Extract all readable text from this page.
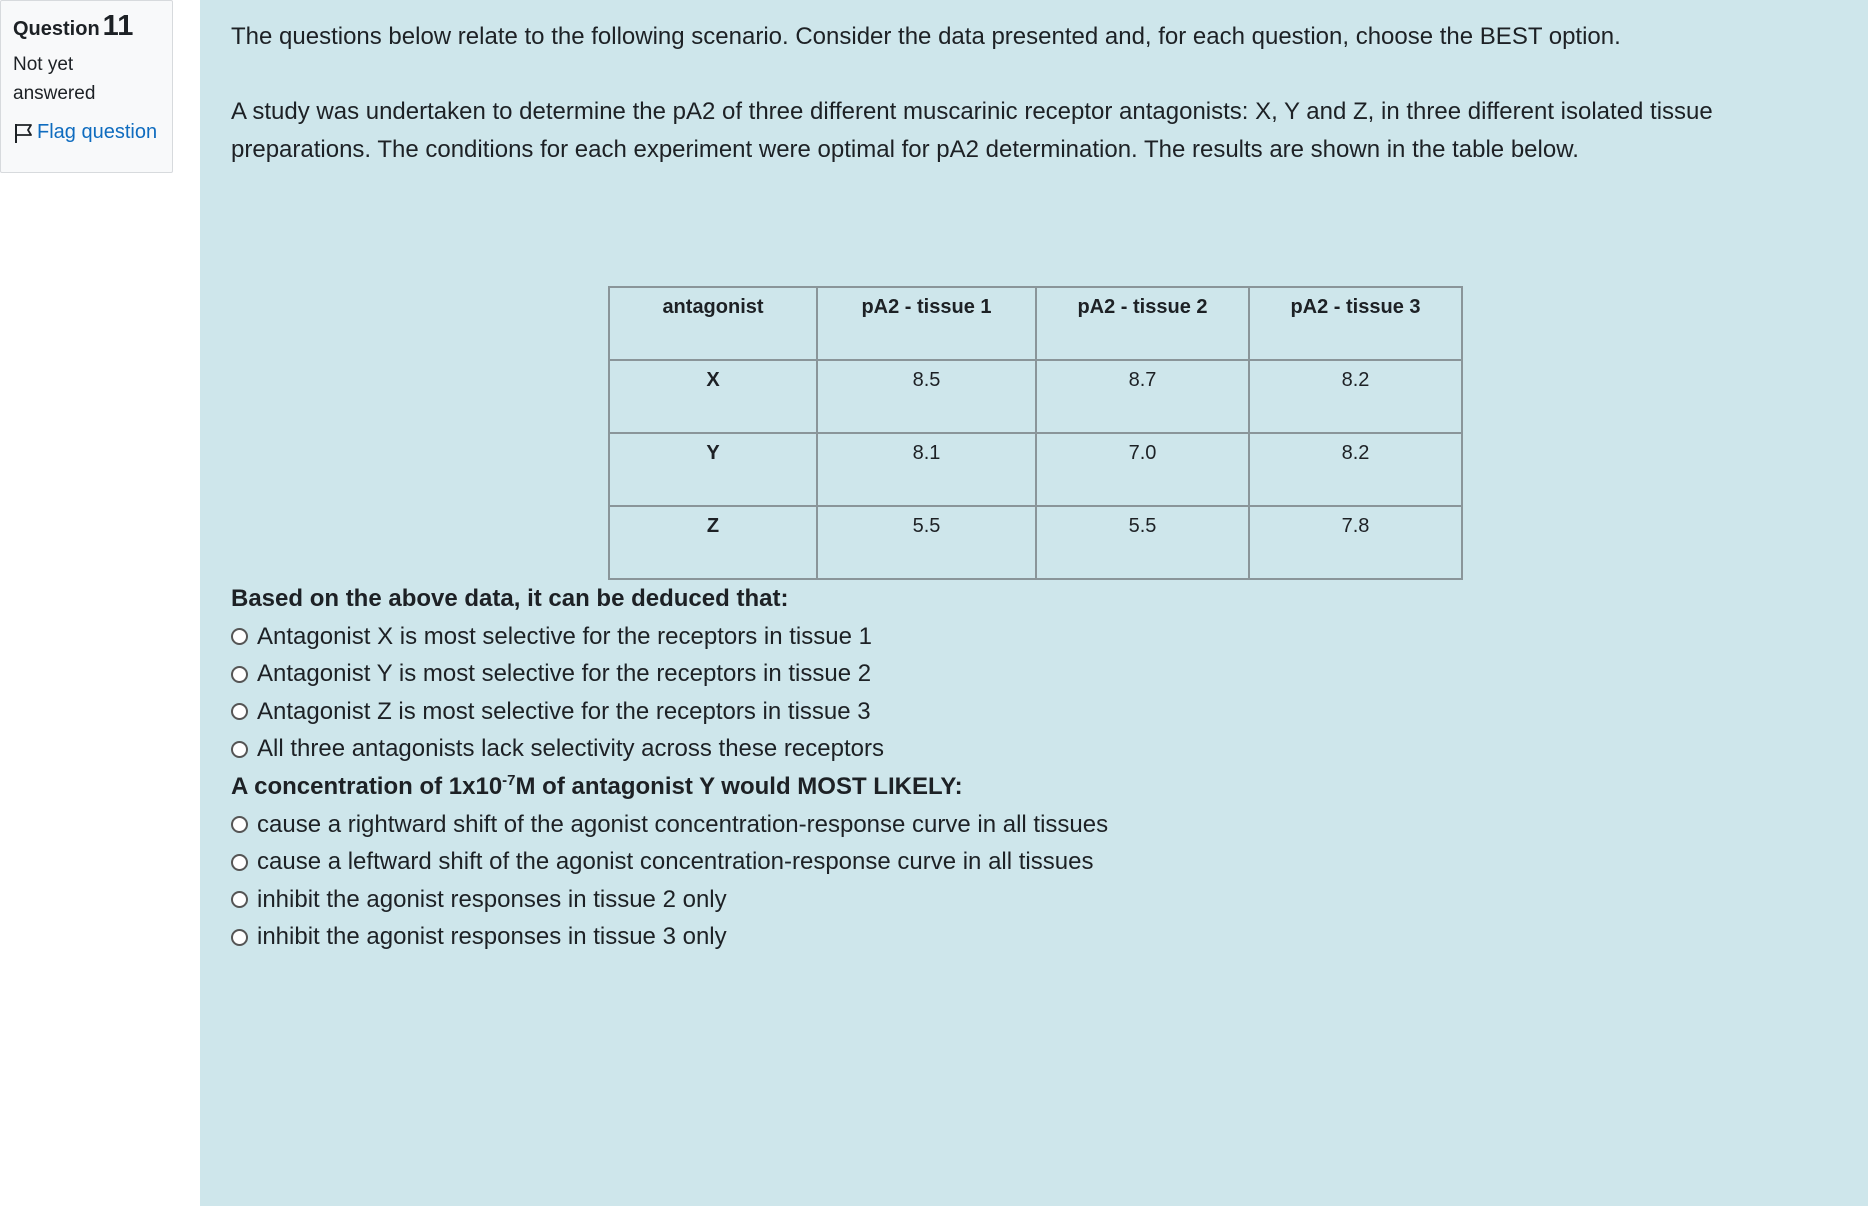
Question 11
Not yet answered
Flag question

The questions below relate to the following scenario. Consider the data presented and, for each question, choose the BEST option.

A study was undertaken to determine the pA2 of three different muscarinic receptor antagonists: X, Y and Z, in three different isolated tissue preparations. The conditions for each experiment were optimal for pA2 determination. The results are shown in the table below.

antagonist	pA2 - tissue 1	pA2 - tissue 2	pA2 - tissue 3
X	8.5	8.7	8.2
Y	8.1	7.0	8.2
Z	5.5	5.5	7.8

Based on the above data, it can be deduced that:

Antagonist X is most selective for the receptors in tissue 1
Antagonist Y is most selective for the receptors in tissue 2
Antagonist Z is most selective for the receptors in tissue 3
All three antagonists lack selectivity across these receptors

A concentration of $1x10^{-7}M$ of antagonist Y would MOST LIKELY:

cause a rightward shift of the agonist concentration-response curve in all tissues
cause a leftward shift of the agonist concentration-response curve in all tissues
inhibit the agonist responses in tissue 2 only
inhibit the agonist responses in tissue 3 only
